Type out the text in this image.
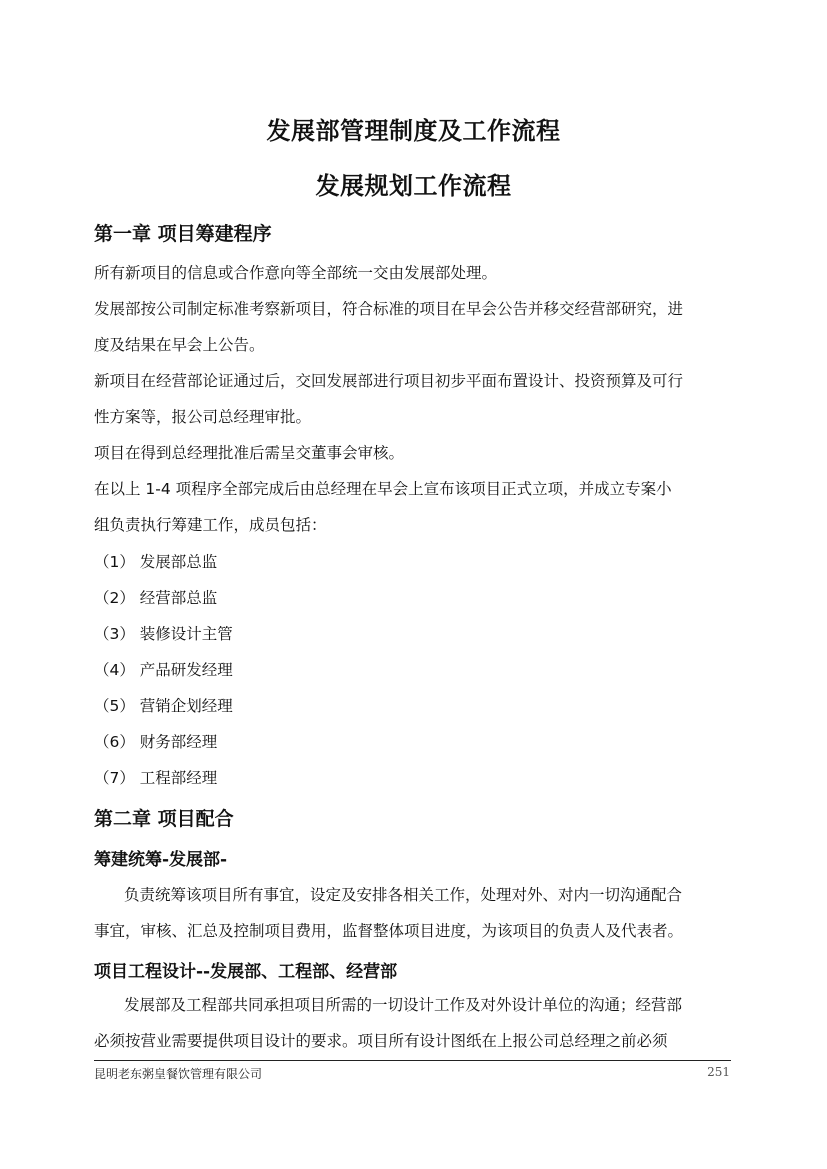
发展部管理制度及工作流程
发展规划工作流程
第一章 项目筹建程序
所有新项目的信息或合作意向等全部统一交由发展部处理。
发展部按公司制定标准考察新项目，符合标准的项目在早会公告并移交经营部研究，进
度及结果在早会上公告。
新项目在经营部论证通过后，交回发展部进行项目初步平面布置设计、投资预算及可行
性方案等，报公司总经理审批。
项目在得到总经理批准后需呈交董事会审核。
在以上 1-4 项程序全部完成后由总经理在早会上宣布该项目正式立项，并成立专案小
组负责执行筹建工作，成员包括：
（1） 发展部总监
（2） 经营部总监
（3） 装修设计主管
（4） 产品研发经理
（5） 营销企划经理
（6） 财务部经理
（7） 工程部经理
第二章 项目配合
筹建统筹-发展部-
负责统筹该项目所有事宜，设定及安排各相关工作，处理对外、对内一切沟通配合
事宜，审核、汇总及控制项目费用，监督整体项目进度，为该项目的负责人及代表者。
项目工程设计--发展部、工程部、经营部
发展部及工程部共同承担项目所需的一切设计工作及对外设计单位的沟通；经营部
必须按营业需要提供项目设计的要求。项目所有设计图纸在上报公司总经理之前必须
昆明老东粥皇餐饮管理有限公司	251
